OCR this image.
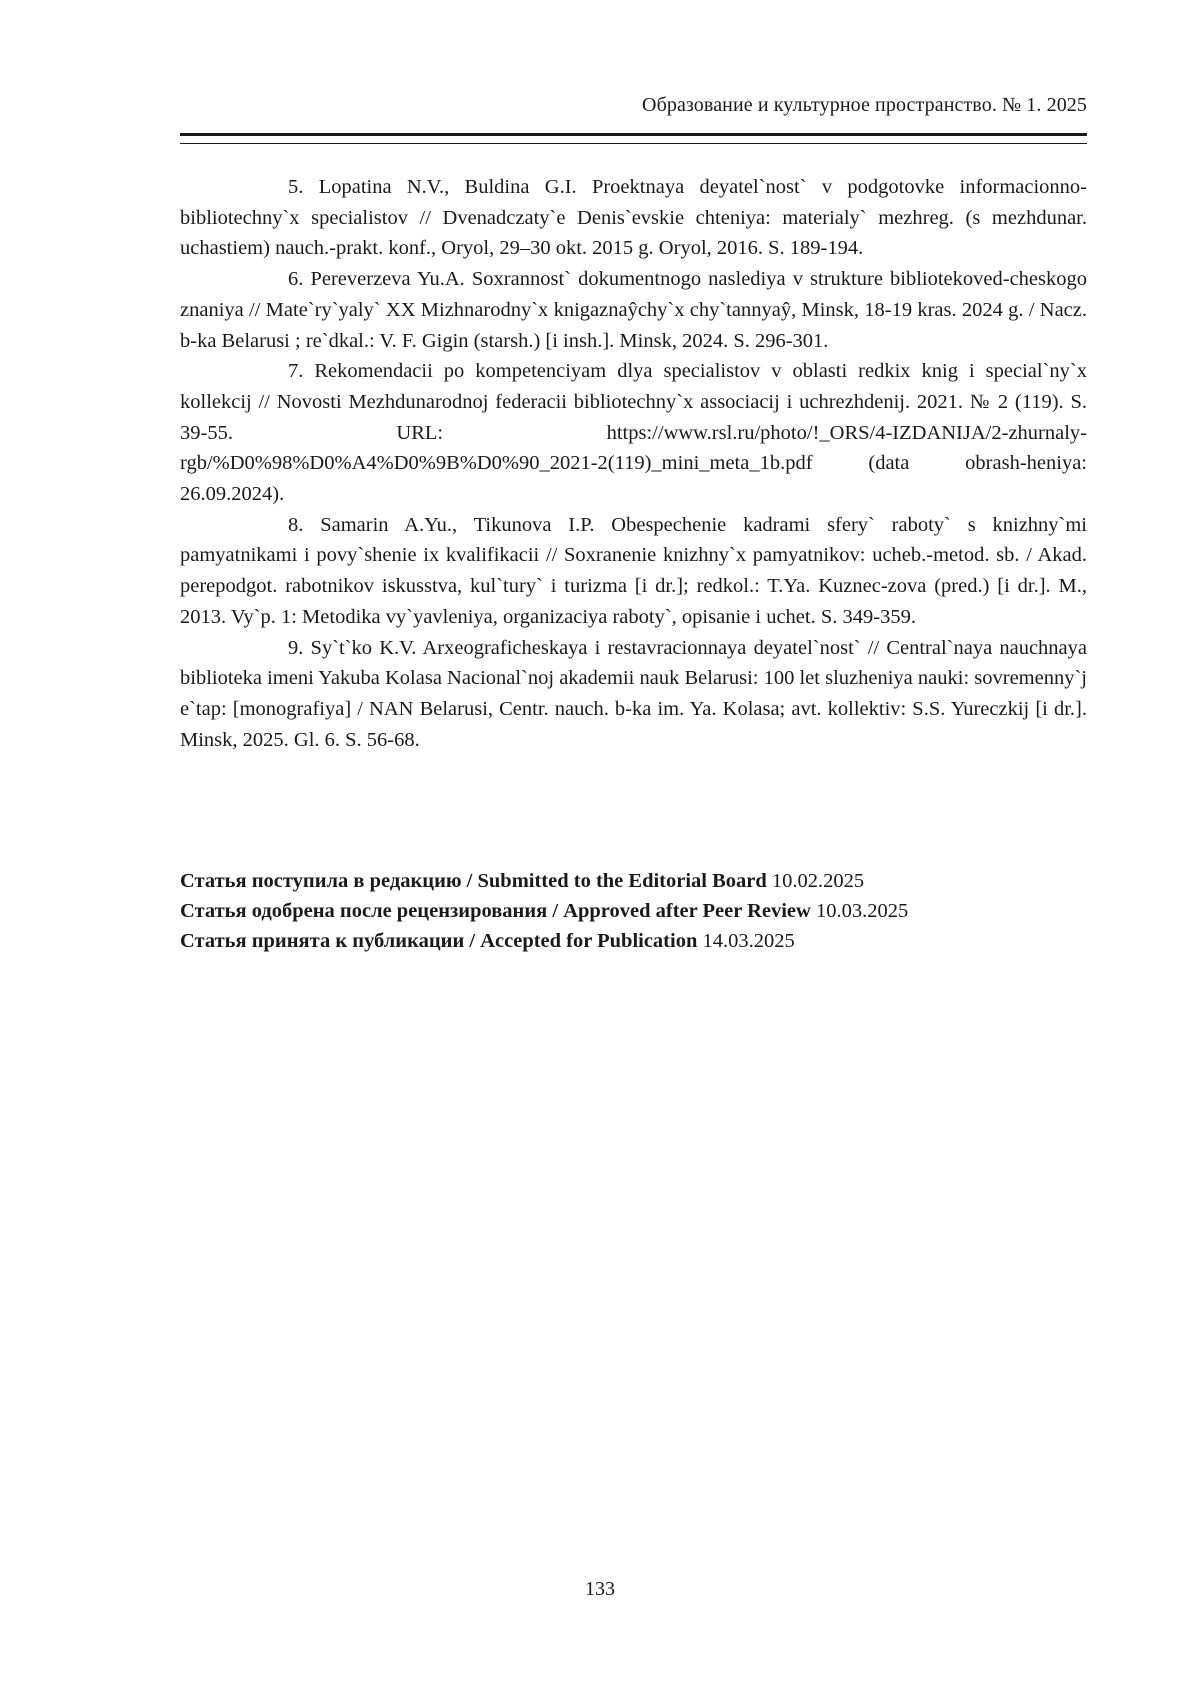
Образование и культурное пространство. № 1. 2025

5. Lopatina N.V., Buldina G.I. Proektnaya deyatel`nost` v podgotovke informacionno-bibliotechny`x specialistov // Dvenadczaty`e Denis`evskie chteniya: materialy` mezhreg. (s mezhdunar. uchastiem) nauch.-prakt. konf., Oryol, 29–30 okt. 2015 g. Oryol, 2016. S. 189-194.

6. Pereverzeva Yu.A. Soxrannost` dokumentnogo naslediya v strukture bibliotekoved-cheskogo znaniya // Mate`ry`yaly` XX Mizhnarodny`x knigaznaŷchy`x chy`tannyaŷ, Minsk, 18-19 kras. 2024 g. / Nacz. b-ka Belarusi ; re`dkal.: V. F. Gigin (starsh.) [i insh.]. Minsk, 2024. S. 296-301.

7. Rekomendacii po kompetenciyam dlya specialistov v oblasti redkix knig i special`ny`x kollekcij // Novosti Mezhdunarodnoj federacii bibliotechny`x associacij i uchrezhdenij. 2021. № 2 (119). S. 39-55. URL: https://www.rsl.ru/photo/!_ORS/4-IZDANIJA/2-zhurnaly-rgb/%D0%98%D0%A4%D0%9B%D0%90_2021-2(119)_mini_meta_1b.pdf (data obrash-heniya: 26.09.2024).

8. Samarin A.Yu., Tikunova I.P. Obespechenie kadrami sfery` raboty` s knizhny`mi pamyatnikami i povy`shenie ix kvalifikacii // Soxranenie knizhny`x pamyatnikov: ucheb.-metod. sb. / Akad. perepodgot. rabotnikov iskusstva, kul`tury` i turizma [i dr.]; redkol.: T.Ya. Kuznec-zova (pred.) [i dr.]. M., 2013. Vy`p. 1: Metodika vy`yavleniya, organizaciya raboty`, opisanie i uchet. S. 349-359.

9. Sy`t`ko K.V. Arxeograficheskaya i restavracionnaya deyatel`nost` // Central`naya nauchnaya biblioteka imeni Yakuba Kolasa Nacional`noj akademii nauk Belarusi: 100 let sluzheniya nauki: sovremenny`j e`tap: [monografiya] / NAN Belarusi, Centr. nauch. b-ka im. Ya. Kolasa; avt. kollektiv: S.S. Yureczkij [i dr.]. Minsk, 2025. Gl. 6. S. 56-68.

Статья поступила в редакцию / Submitted to the Editorial Board 10.02.2025

Статья одобрена после рецензирования / Approved after Peer Review 10.03.2025

Статья принята к публикации / Accepted for Publication 14.03.2025

133
